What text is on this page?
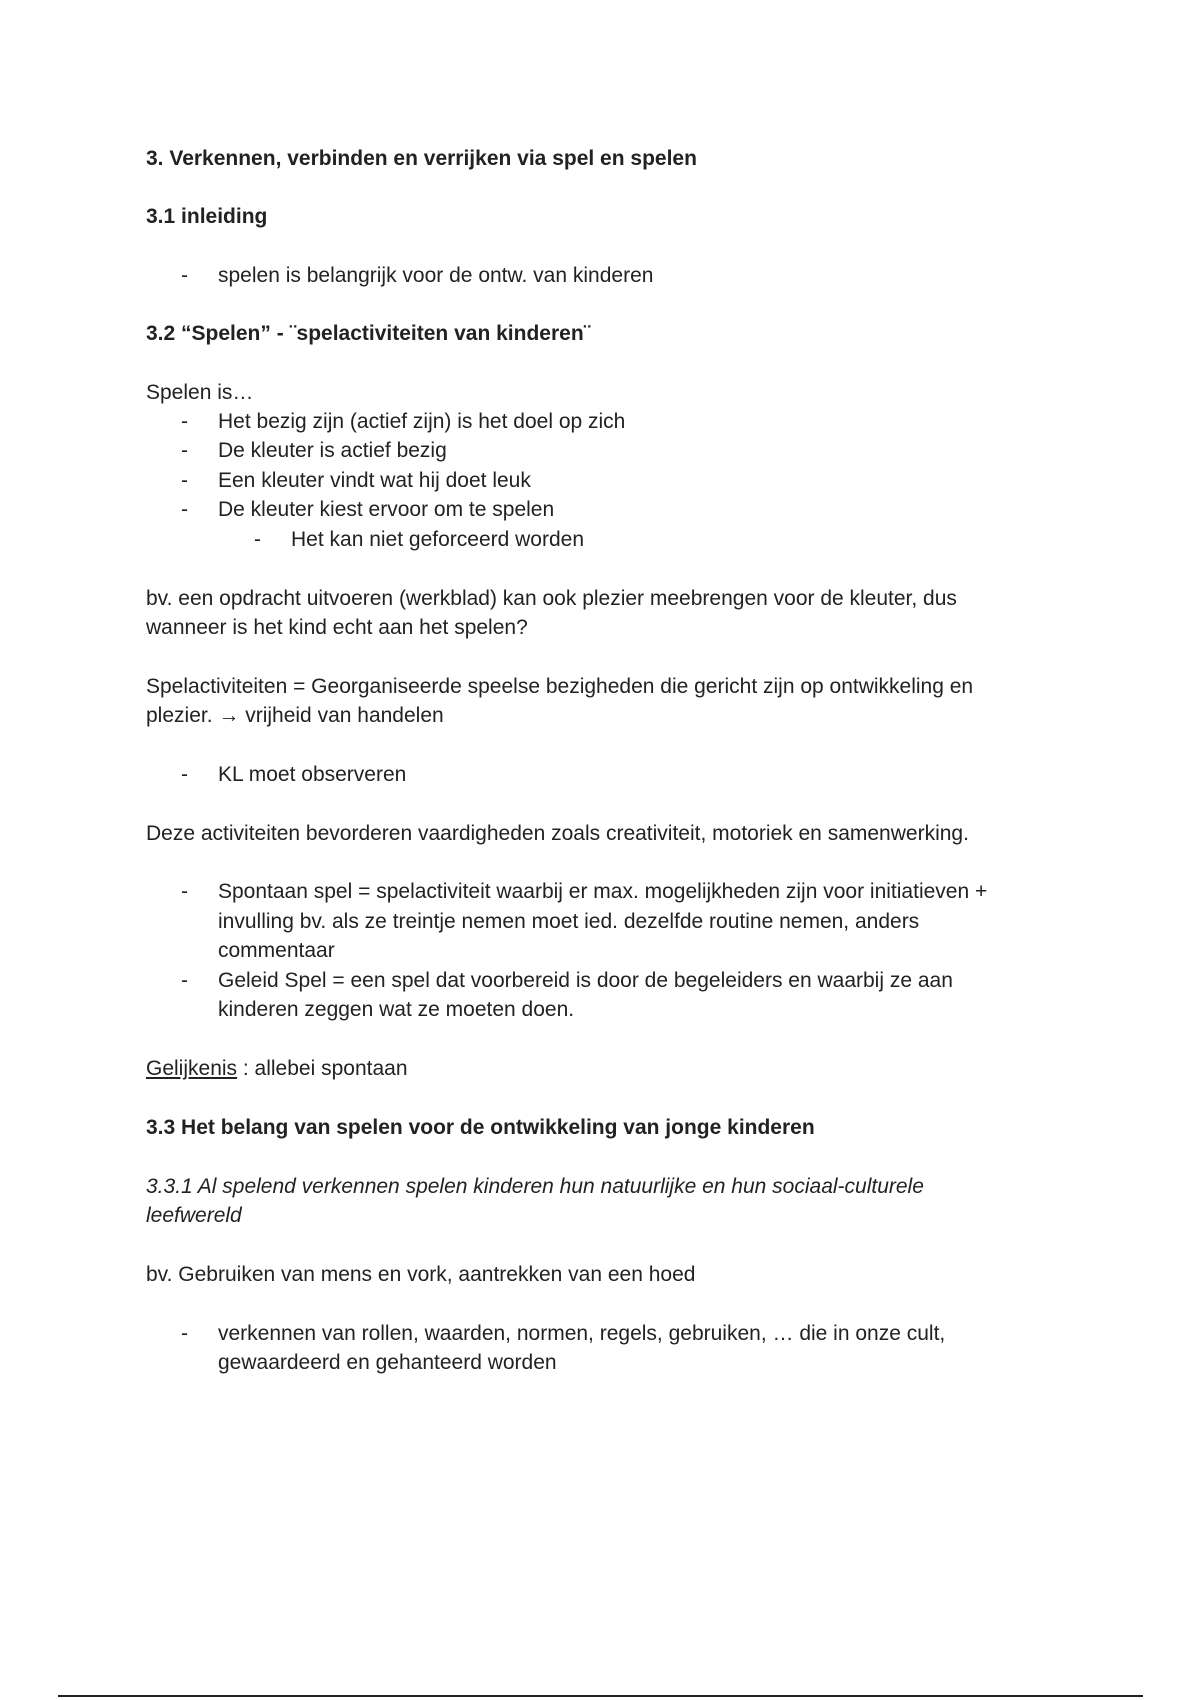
3. Verkennen, verbinden en verrijken via spel en spelen
3.1 inleiding
- spelen is belangrijk voor de ontw. van kinderen
3.2 “Spelen” - ¨spelactiviteiten van kinderen¨
Spelen is…
- Het bezig zijn (actief zijn) is het doel op zich
- De kleuter is actief bezig
- Een kleuter vindt wat hij doet leuk
- De kleuter kiest ervoor om te spelen
- Het kan niet geforceerd worden
bv. een opdracht uitvoeren (werkblad) kan ook plezier meebrengen voor de kleuter, dus
wanneer is het kind echt aan het spelen?
Spelactiviteiten = Georganiseerde speelse bezigheden die gericht zijn op ontwikkeling en
plezier. → vrijheid van handelen
- KL moet observeren
Deze activiteiten bevorderen vaardigheden zoals creativiteit, motoriek en samenwerking.
- Spontaan spel = spelactiviteit waarbij er max. mogelijkheden zijn voor initiatieven +
invulling bv. als ze treintje nemen moet ied. dezelfde routine nemen, anders
commentaar
- Geleid Spel = een spel dat voorbereid is door de begeleiders en waarbij ze aan
kinderen zeggen wat ze moeten doen.
Gelijkenis : allebei spontaan
3.3 Het belang van spelen voor de ontwikkeling van jonge kinderen
3.3.1 Al spelend verkennen spelen kinderen hun natuurlijke en hun sociaal-culturele
leefwereld
bv. Gebruiken van mens en vork, aantrekken van een hoed
- verkennen van rollen, waarden, normen, regels, gebruiken, … die in onze cult,
gewaardeerd en gehanteerd worden
